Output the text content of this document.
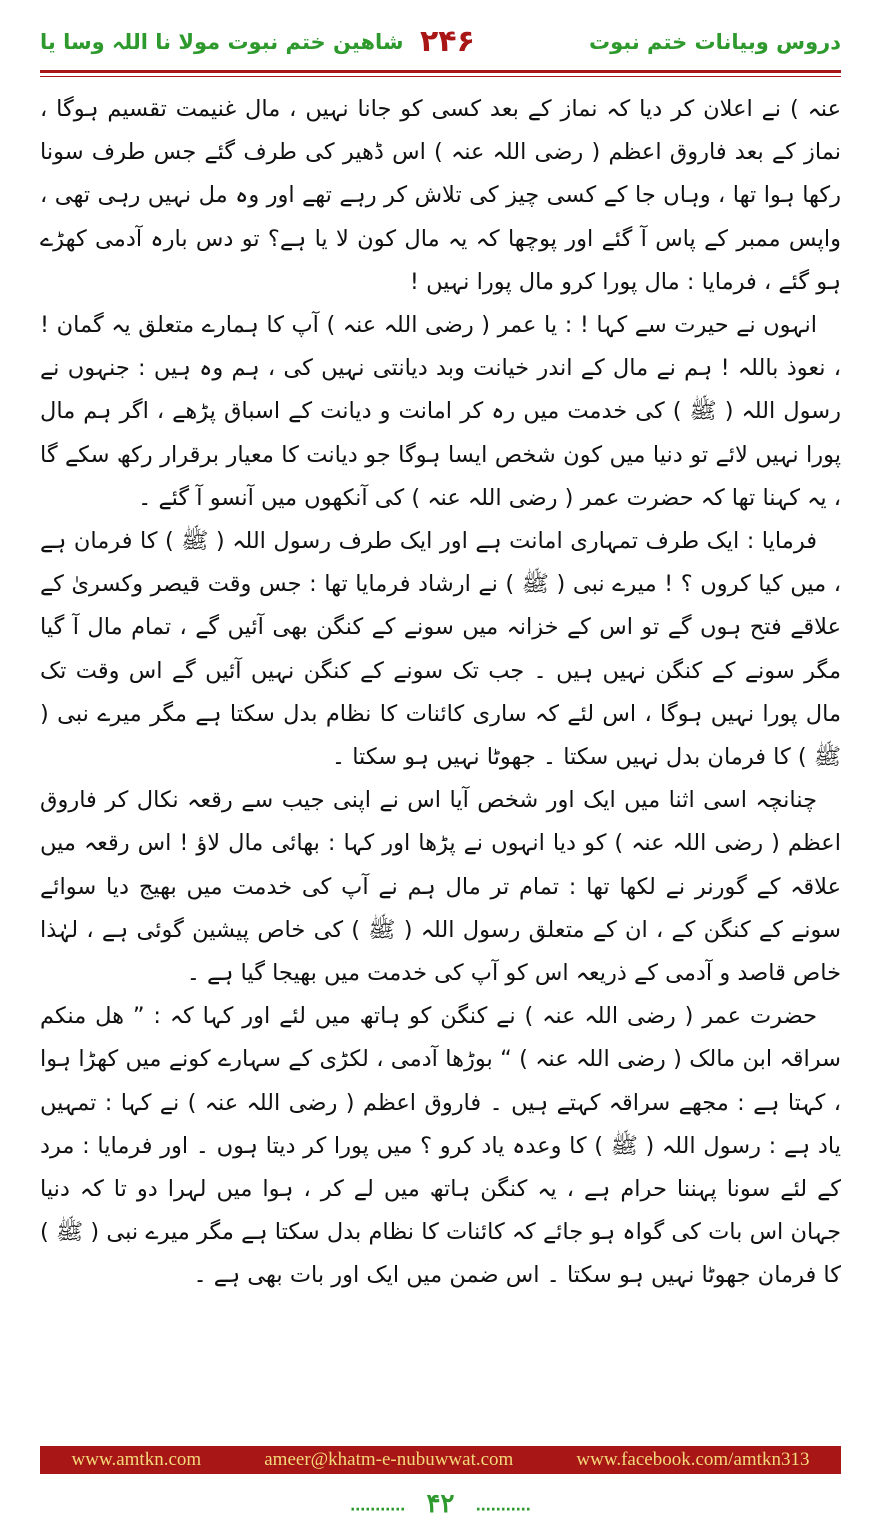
دروس وبیانات ختم نبوت
۲۴۶
شاھین ختم نبوت مولا نا اللہ وسا یا

عنہ ) نے اعلان کر دیا کہ نماز کے بعد کسی کو جانا نہیں ، مال غنیمت تقسیم ہوگا ، نماز کے بعد فاروق اعظم ( رضی اللہ عنہ ) اس ڈھیر کی طرف گئے جس طرف سونا رکھا ہوا تھا ، وہاں جا کے کسی چیز کی تلاش کر رہے تھے اور وہ مل نہیں رہی تھی ، واپس ممبر کے پاس آ گئے اور پوچھا کہ یہ مال کون لا یا ہے؟ تو دس بارہ آدمی کھڑے ہو گئے ، فرمایا : مال پورا کرو مال پورا نہیں !

انہوں نے حیرت سے کہا ! : یا عمر ( رضی اللہ عنہ ) آپ کا ہمارے متعلق یہ گمان ! ، نعوذ باللہ ! ہم نے مال کے اندر خیانت وبد دیانتی نہیں کی ، ہم وہ ہیں : جنہوں نے رسول اللہ ( ﷺ ) کی خدمت میں رہ کر امانت و دیانت کے اسباق پڑھے ، اگر ہم مال پورا نہیں لائے تو دنیا میں کون شخص ایسا ہوگا جو دیانت کا معیار برقرار رکھ سکے گا ، یہ کہنا تھا کہ حضرت عمر ( رضی اللہ عنہ ) کی آنکھوں میں آنسو آ گئے ۔

فرمایا : ایک طرف تمہاری امانت ہے اور ایک طرف رسول اللہ ( ﷺ ) کا فرمان ہے ، میں کیا کروں ؟ ! میرے نبی ( ﷺ ) نے ارشاد فرمایا تھا : جس وقت قیصر وکسریٰ کے علاقے فتح ہوں گے تو اس کے خزانہ میں سونے کے کنگن بھی آئیں گے ، تمام مال آ گیا مگر سونے کے کنگن نہیں ہیں ۔ جب تک سونے کے کنگن نہیں آئیں گے اس وقت تک مال پورا نہیں ہوگا ، اس لئے کہ ساری کائنات کا نظام بدل سکتا ہے مگر میرے نبی ( ﷺ ) کا فرمان بدل نہیں سکتا ۔ جھوٹا نہیں ہو سکتا ۔

چنانچہ اسی اثنا میں ایک اور شخص آیا اس نے اپنی جیب سے رقعہ نکال کر فاروق اعظم ( رضی اللہ عنہ ) کو دیا انہوں نے پڑھا اور کہا : بھائی مال لاؤ ! اس رقعہ میں علاقہ کے گورنر نے لکھا تھا : تمام تر مال ہم نے آپ کی خدمت میں بھیج دیا سوائے سونے کے کنگن کے ، ان کے متعلق رسول اللہ ( ﷺ ) کی خاص پیشین گوئی ہے ، لہٰذا خاص قاصد و آدمی کے ذریعہ اس کو آپ کی خدمت میں بھیجا گیا ہے ۔

حضرت عمر ( رضی اللہ عنہ ) نے کنگن کو ہاتھ میں لئے اور کہا کہ : ” ھل منکم سراقہ ابن مالک ( رضی اللہ عنہ ) “ بوڑھا آدمی ، لکڑی کے سہارے کونے میں کھڑا ہوا ، کہتا ہے : مجھے سراقہ کہتے ہیں ۔ فاروق اعظم ( رضی اللہ عنہ ) نے کہا : تمہیں یاد ہے : رسول اللہ ( ﷺ ) کا وعدہ یاد کرو ؟ میں پورا کر دیتا ہوں ۔ اور فرمایا : مرد کے لئے سونا پہننا حرام ہے ، یہ کنگن ہاتھ میں لے کر ، ہوا میں لہرا دو تا کہ دنیا جہان اس بات کی گواہ ہو جائے کہ کائنات کا نظام بدل سکتا ہے مگر میرے نبی ( ﷺ ) کا فرمان جھوٹا نہیں ہو سکتا ۔ اس ضمن میں ایک اور بات بھی ہے ۔

www.amtkn.com	ameer@khatm-e-nubuwwat.com	www.facebook.com/amtkn313
........... ۴۲ ...........
